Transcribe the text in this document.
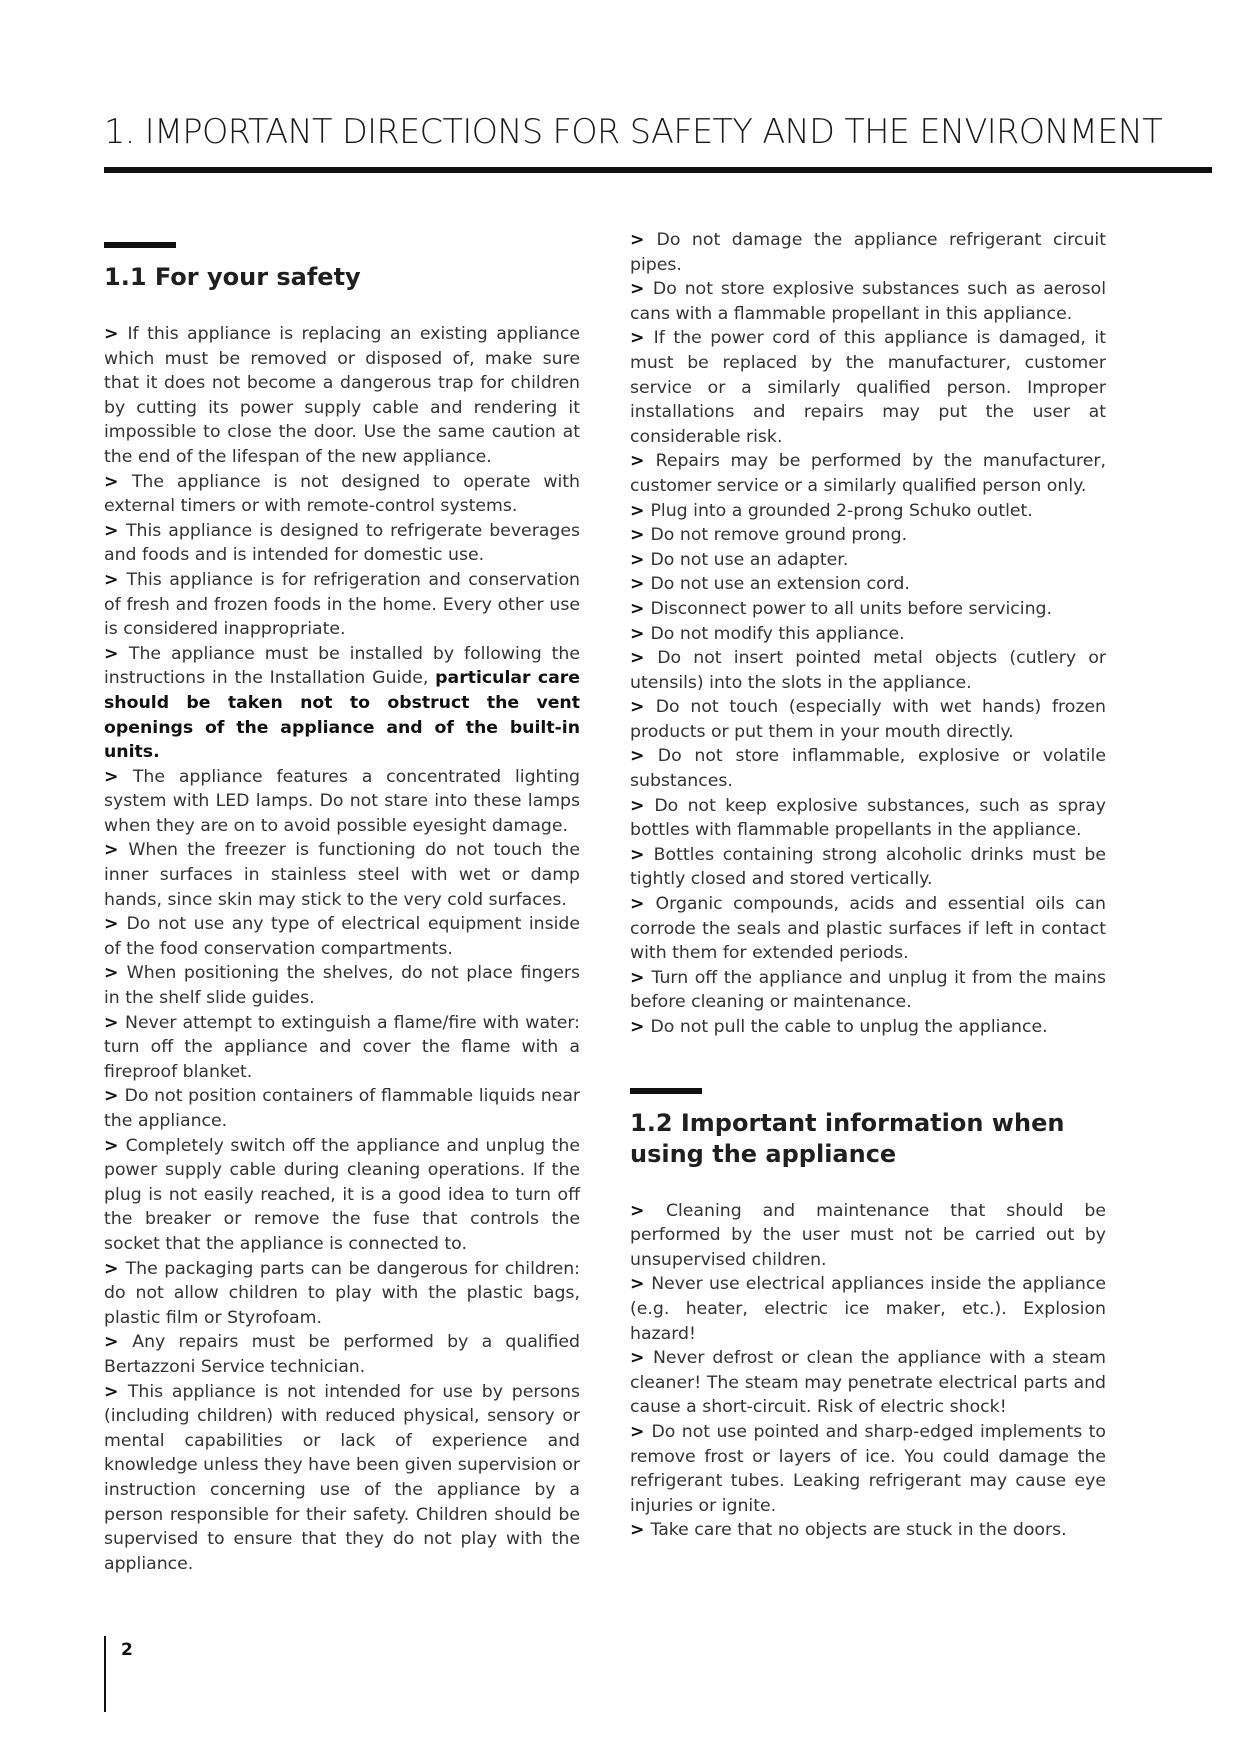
1. IMPORTANT DIRECTIONS FOR SAFETY AND THE ENVIRONMENT
1.1 For your safety

> If this appliance is replacing an existing appliance which must be removed or disposed of, make sure that it does not become a dangerous trap for children by cutting its power supply cable and rendering it impossible to close the door. Use the same caution at the end of the lifespan of the new appliance.

> The appliance is not designed to operate with external timers or with remote-control systems.

> This appliance is designed to refrigerate beverages and foods and is intended for domestic use.

> This appliance is for refrigeration and conservation of fresh and frozen foods in the home. Every other use is considered inappropriate.

> The appliance must be installed by following the instructions in the Installation Guide, particular care should be taken not to obstruct the vent openings of the appliance and of the built-in units.

> The appliance features a concentrated lighting system with LED lamps. Do not stare into these lamps when they are on to avoid possible eyesight damage.

> When the freezer is functioning do not touch the inner surfaces in stainless steel with wet or damp hands, since skin may stick to the very cold surfaces.

> Do not use any type of electrical equipment inside of the food conservation compartments.

> When positioning the shelves, do not place fingers in the shelf slide guides.

> Never attempt to extinguish a flame/fire with water: turn off the appliance and cover the flame with a fireproof blanket.

> Do not position containers of flammable liquids near the appliance.

> Completely switch off the appliance and unplug the power supply cable during cleaning operations. If the plug is not easily reached, it is a good idea to turn off the breaker or remove the fuse that controls the socket that the appliance is connected to.

> The packaging parts can be dangerous for children: do not allow children to play with the plastic bags, plastic film or Styrofoam.

> Any repairs must be performed by a qualified Bertazzoni Service technician.

> This appliance is not intended for use by persons (including children) with reduced physical, sensory or mental capabilities or lack of experience and knowledge unless they have been given supervision or instruction concerning use of the appliance by a person responsible for their safety. Children should be supervised to ensure that they do not play with the appliance.

> Do not damage the appliance refrigerant circuit pipes.

> Do not store explosive substances such as aerosol cans with a flammable propellant in this appliance.

> If the power cord of this appliance is damaged, it must be replaced by the manufacturer, customer service or a similarly qualified person. Improper installations and repairs may put the user at considerable risk.

> Repairs may be performed by the manufacturer, customer service or a similarly qualified person only.

> Plug into a grounded 2-prong Schuko outlet.

> Do not remove ground prong.

> Do not use an adapter.

> Do not use an extension cord.

> Disconnect power to all units before servicing.

> Do not modify this appliance.

> Do not insert pointed metal objects (cutlery or utensils) into the slots in the appliance.

> Do not touch (especially with wet hands) frozen products or put them in your mouth directly.

> Do not store inflammable, explosive or volatile substances.

> Do not keep explosive substances, such as spray bottles with flammable propellants in the appliance.

> Bottles containing strong alcoholic drinks must be tightly closed and stored vertically.

> Organic compounds, acids and essential oils can corrode the seals and plastic surfaces if left in contact with them for extended periods.

> Turn off the appliance and unplug it from the mains before cleaning or maintenance.

> Do not pull the cable to unplug the appliance.

1.2 Important information when using the appliance

> Cleaning and maintenance that should be performed by the user must not be carried out by unsupervised children.

> Never use electrical appliances inside the appliance (e.g. heater, electric ice maker, etc.). Explosion hazard!

> Never defrost or clean the appliance with a steam cleaner! The steam may penetrate electrical parts and cause a short-circuit. Risk of electric shock!

> Do not use pointed and sharp-edged implements to remove frost or layers of ice. You could damage the refrigerant tubes. Leaking refrigerant may cause eye injuries or ignite.

> Take care that no objects are stuck in the doors.

2
